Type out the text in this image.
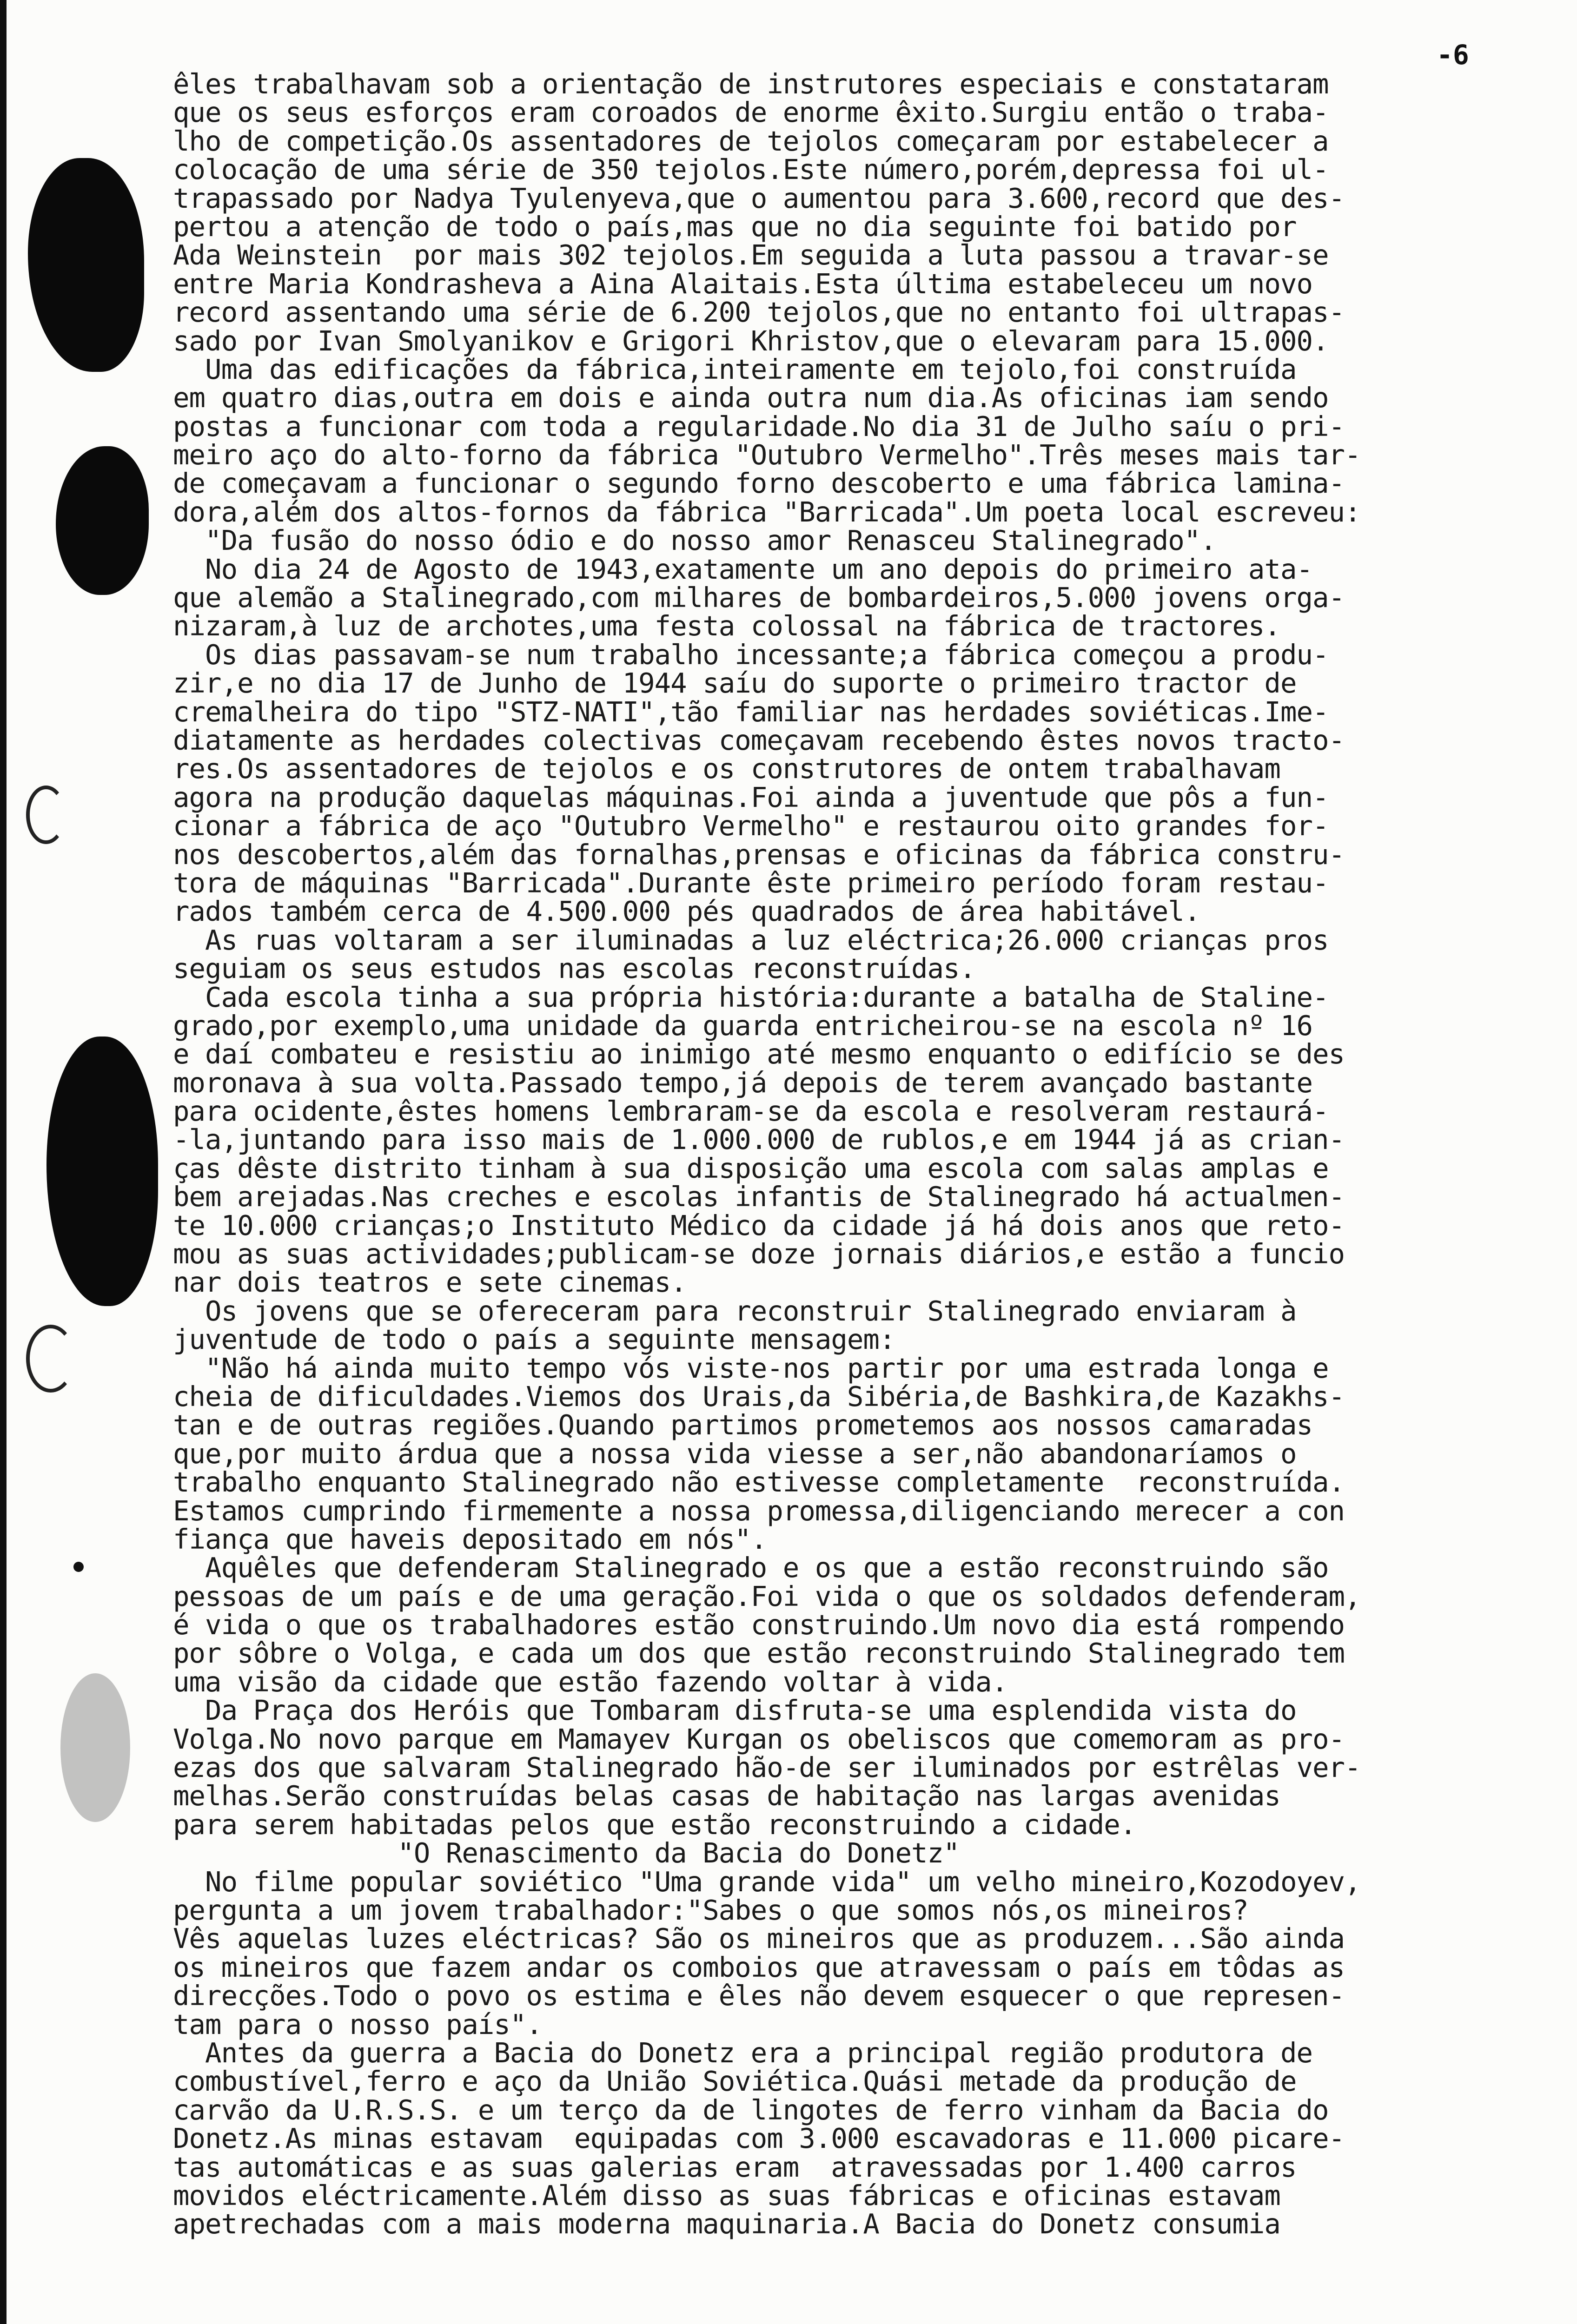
-6
êles trabalhavam sob a orientação de instrutores especiais e constataram
que os seus esforços eram coroados de enorme êxito.Surgiu então o traba-
lho de competição.Os assentadores de tejolos começaram por estabelecer a
colocação de uma série de 350 tejolos.Este número,porém,depressa foi ul-
trapassado por Nadya Tyulenyeva,que o aumentou para 3.600,record que des-
pertou a atenção de todo o país,mas que no dia seguinte foi batido por
Ada Weinstein  por mais 302 tejolos.Em seguida a luta passou a travar-se
entre Maria Kondrasheva a Aina Alaitais.Esta última estabeleceu um novo
record assentando uma série de 6.200 tejolos,que no entanto foi ultrapas-
sado por Ivan Smolyanikov e Grigori Khristov,que o elevaram para 15.000.
Uma das edificações da fábrica,inteiramente em tejolo,foi construída
em quatro dias,outra em dois e ainda outra num dia.As oficinas iam sendo
postas a funcionar com toda a regularidade.No dia 31 de Julho saíu o pri-
meiro aço do alto-forno da fábrica "Outubro Vermelho".Três meses mais tar-
de começavam a funcionar o segundo forno descoberto e uma fábrica lamina-
dora,além dos altos-fornos da fábrica "Barricada".Um poeta local escreveu:
"Da fusão do nosso ódio e do nosso amor Renasceu Stalinegrado".
No dia 24 de Agosto de 1943,exatamente um ano depois do primeiro ata-
que alemão a Stalinegrado,com milhares de bombardeiros,5.000 jovens orga-
nizaram,à luz de archotes,uma festa colossal na fábrica de tractores.
Os dias passavam-se num trabalho incessante;a fábrica começou a produ-
zir,e no dia 17 de Junho de 1944 saíu do suporte o primeiro tractor de
cremalheira do tipo "STZ-NATI",tão familiar nas herdades soviéticas.Ime-
diatamente as herdades colectivas começavam recebendo êstes novos tracto-
res.Os assentadores de tejolos e os construtores de ontem trabalhavam
agora na produção daquelas máquinas.Foi ainda a juventude que pôs a fun-
cionar a fábrica de aço "Outubro Vermelho" e restaurou oito grandes for-
nos descobertos,além das fornalhas,prensas e oficinas da fábrica constru-
tora de máquinas "Barricada".Durante êste primeiro período foram restau-
rados também cerca de 4.500.000 pés quadrados de área habitável.
As ruas voltaram a ser iluminadas a luz eléctrica;26.000 crianças pros
seguiam os seus estudos nas escolas reconstruídas.
Cada escola tinha a sua própria história:durante a batalha de Staline-
grado,por exemplo,uma unidade da guarda entricheirou-se na escola nº 16
e daí combateu e resistiu ao inimigo até mesmo enquanto o edifício se des
moronava à sua volta.Passado tempo,já depois de terem avançado bastante
para ocidente,êstes homens lembraram-se da escola e resolveram restaurá-
-la,juntando para isso mais de 1.000.000 de rublos,e em 1944 já as crian-
ças dêste distrito tinham à sua disposição uma escola com salas amplas e
bem arejadas.Nas creches e escolas infantis de Stalinegrado há actualmen-
te 10.000 crianças;o Instituto Médico da cidade já há dois anos que reto-
mou as suas actividades;publicam-se doze jornais diários,e estão a funcio
nar dois teatros e sete cinemas.
Os jovens que se ofereceram para reconstruir Stalinegrado enviaram à
juventude de todo o país a seguinte mensagem:
"Não há ainda muito tempo vós viste-nos partir por uma estrada longa e
cheia de dificuldades.Viemos dos Urais,da Sibéria,de Bashkira,de Kazakhs-
tan e de outras regiões.Quando partimos prometemos aos nossos camaradas
que,por muito árdua que a nossa vida viesse a ser,não abandonaríamos o
trabalho enquanto Stalinegrado não estivesse completamente  reconstruída.
Estamos cumprindo firmemente a nossa promessa,diligenciando merecer a con
fiança que haveis depositado em nós".
Aquêles que defenderam Stalinegrado e os que a estão reconstruindo são
pessoas de um país e de uma geração.Foi vida o que os soldados defenderam,
é vida o que os trabalhadores estão construindo.Um novo dia está rompendo
por sôbre o Volga, e cada um dos que estão reconstruindo Stalinegrado tem
uma visão da cidade que estão fazendo voltar à vida.
Da Praça dos Heróis que Tombaram disfruta-se uma esplendida vista do
Volga.No novo parque em Mamayev Kurgan os obeliscos que comemoram as pro-
ezas dos que salvaram Stalinegrado hão-de ser iluminados por estrêlas ver-
melhas.Serão construídas belas casas de habitação nas largas avenidas
para serem habitadas pelos que estão reconstruindo a cidade.
"O Renascimento da Bacia do Donetz"
No filme popular soviético "Uma grande vida" um velho mineiro,Kozodoyev,
pergunta a um jovem trabalhador:"Sabes o que somos nós,os mineiros?
Vês aquelas luzes eléctricas? São os mineiros que as produzem...São ainda
os mineiros que fazem andar os comboios que atravessam o país em tôdas as
direcções.Todo o povo os estima e êles não devem esquecer o que represen-
tam para o nosso país".
Antes da guerra a Bacia do Donetz era a principal região produtora de
combustível,ferro e aço da União Soviética.Quási metade da produção de
carvão da U.R.S.S. e um terço da de lingotes de ferro vinham da Bacia do
Donetz.As minas estavam  equipadas com 3.000 escavadoras e 11.000 picare-
tas automáticas e as suas galerias eram  atravessadas por 1.400 carros
movidos eléctricamente.Além disso as suas fábricas e oficinas estavam
apetrechadas com a mais moderna maquinaria.A Bacia do Donetz consumia
